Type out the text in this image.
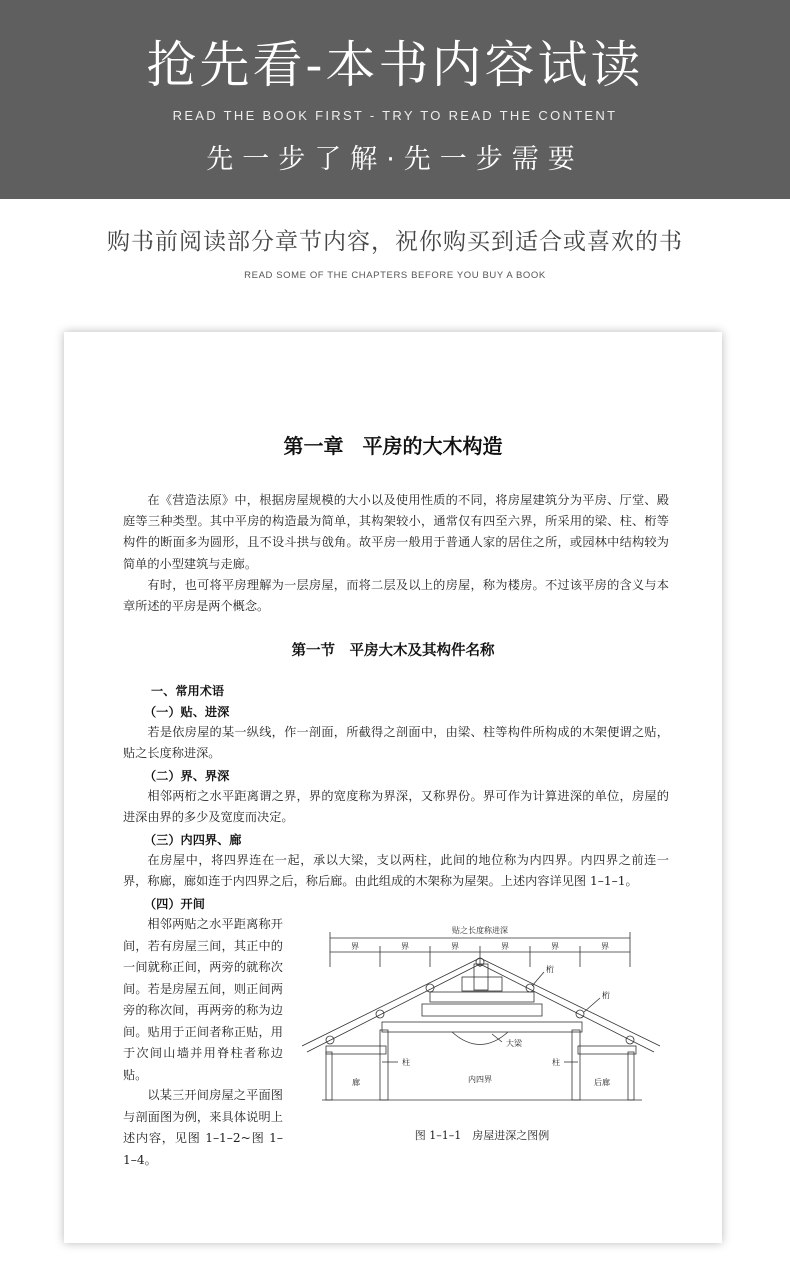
抢先看-本书内容试读
READ THE BOOK FIRST - TRY TO READ THE CONTENT
先一步了解·先一步需要
购书前阅读部分章节内容，祝你购买到适合或喜欢的书
READ SOME OF THE CHAPTERS BEFORE YOU BUY A BOOK
第一章 平房的大木构造

在《营造法原》中，根据房屋规模的大小以及使用性质的不同，将房屋建筑分为平房、厅堂、殿庭等三种类型。其中平房的构造最为简单，其构架较小，通常仅有四至六界，所采用的梁、柱、桁等构件的断面多为圆形，且不设斗拱与戗角。故平房一般用于普通人家的居住之所，或园林中结构较为简单的小型建筑与走廊。

有时，也可将平房理解为一层房屋，而将二层及以上的房屋，称为楼房。不过该平房的含义与本章所述的平房是两个概念。

第一节　平房大木及其构件名称
一、常用术语
（一）贴、进深

若是依房屋的某一纵线，作一剖面，所截得之剖面中，由梁、柱等构件所构成的木架便谓之贴，贴之长度称进深。

（二）界、界深

相邻两桁之水平距离谓之界，界的宽度称为界深，又称界份。界可作为计算进深的单位，房屋的进深由界的多少及宽度而决定。

（三）内四界、廊

在房屋中，将四界连在一起，承以大梁，支以两柱，此间的地位称为内四界。内四界之前连一界，称廊，廊如连于内四界之后，称后廊。由此组成的木架称为屋架。上述内容详见图 1–1–1。

（四）开间

相邻两贴之水平距离称开间，若有房屋三间，其正中的一间就称正间，两旁的就称次间。若是房屋五间，则正间两旁的称次间，再两旁的称为边间。贴用于正间者称正贴，用于次间山墙并用脊柱者称边贴。

以某三开间房屋之平面图与剖面图为例，来具体说明上述内容，见图 1–1–2~图 1–1–4。

贴之长度称进深
界	界	界	界	界	界
桁
桁
大梁
柱	柱
廊	内四界	后廊
图 1–1–1　房屋进深之图例
